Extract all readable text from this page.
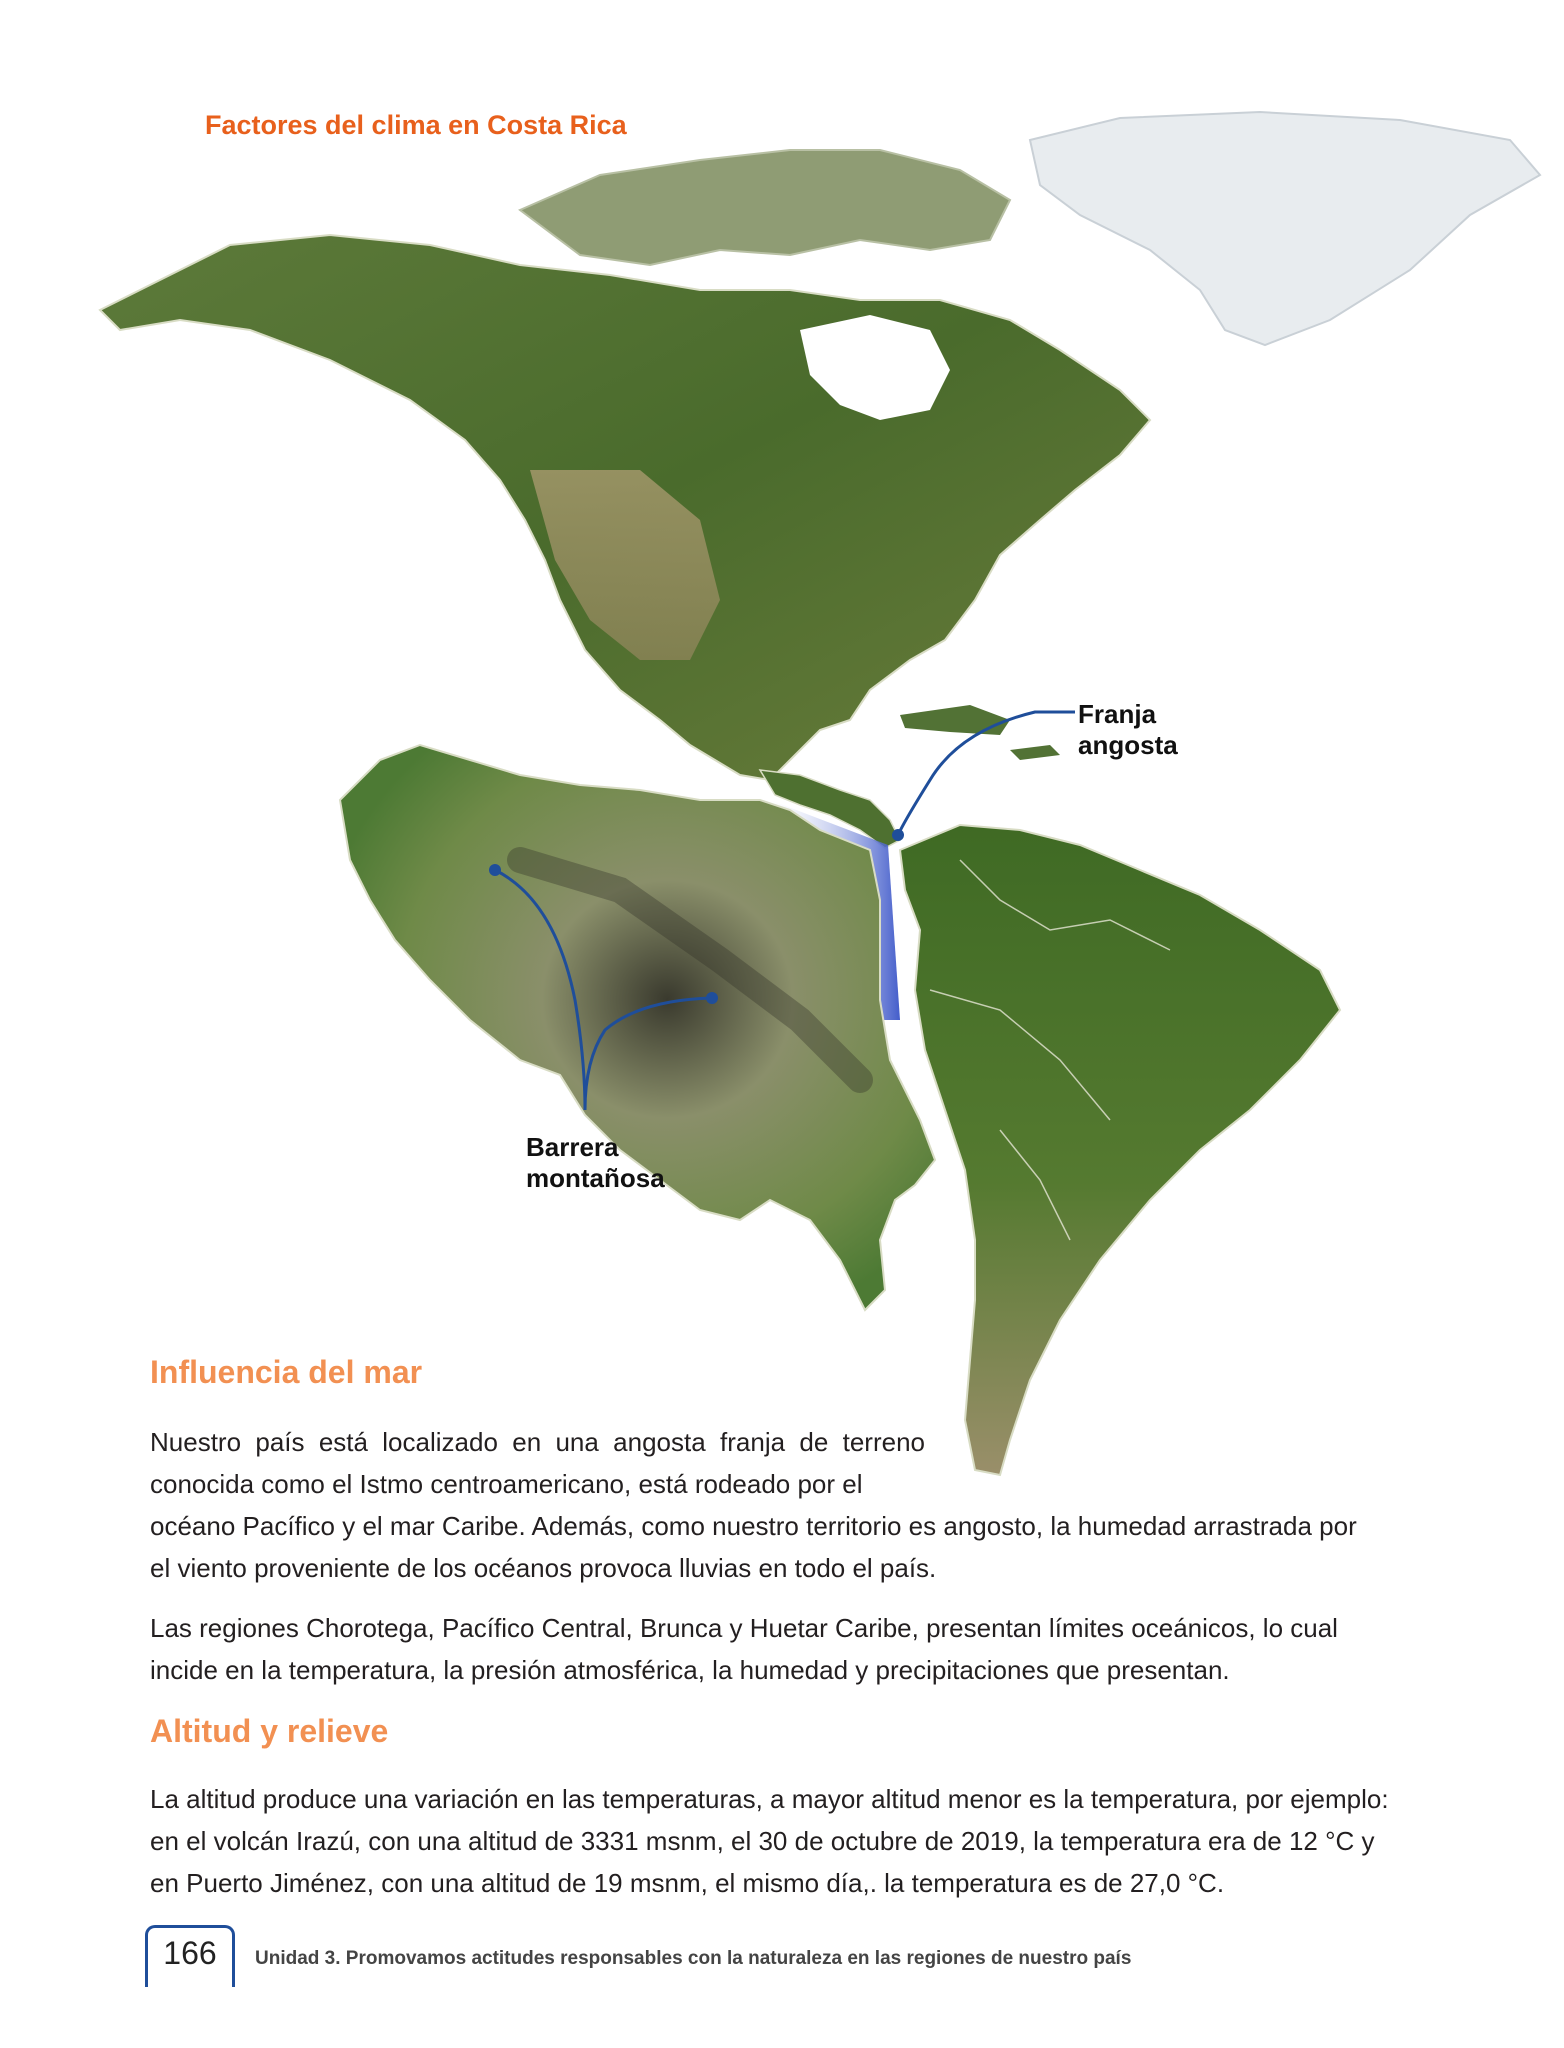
Factores del clima en Costa Rica
Franja
angosta
Barrera
montañosa
Influencia del mar

Nuestro país está localizado en una angosta franja de terreno conocida como el Istmo centroamericano, está rodeado por el
océano Pacífico y el mar Caribe. Además, como nuestro territorio es angosto, la humedad arrastrada por el viento proveniente de los océanos provoca lluvias en todo el país.

Las regiones Chorotega, Pacífico Central, Brunca y Huetar Caribe, presentan límites oceánicos, lo cual incide en la temperatura, la presión atmosférica, la humedad y precipitaciones que presentan.

Altitud y relieve

La altitud produce una variación en las temperaturas, a mayor altitud menor es la temperatura, por ejemplo: en el volcán Irazú, con una altitud de 3331 msnm, el 30 de octubre de 2019, la temperatura era de 12 °C y en Puerto Jiménez, con una altitud de 19 msnm, el mismo día,. la temperatura es de 27,0 °C.

166	Unidad 3. Promovamos actitudes responsables con la naturaleza en las regiones de nuestro país
